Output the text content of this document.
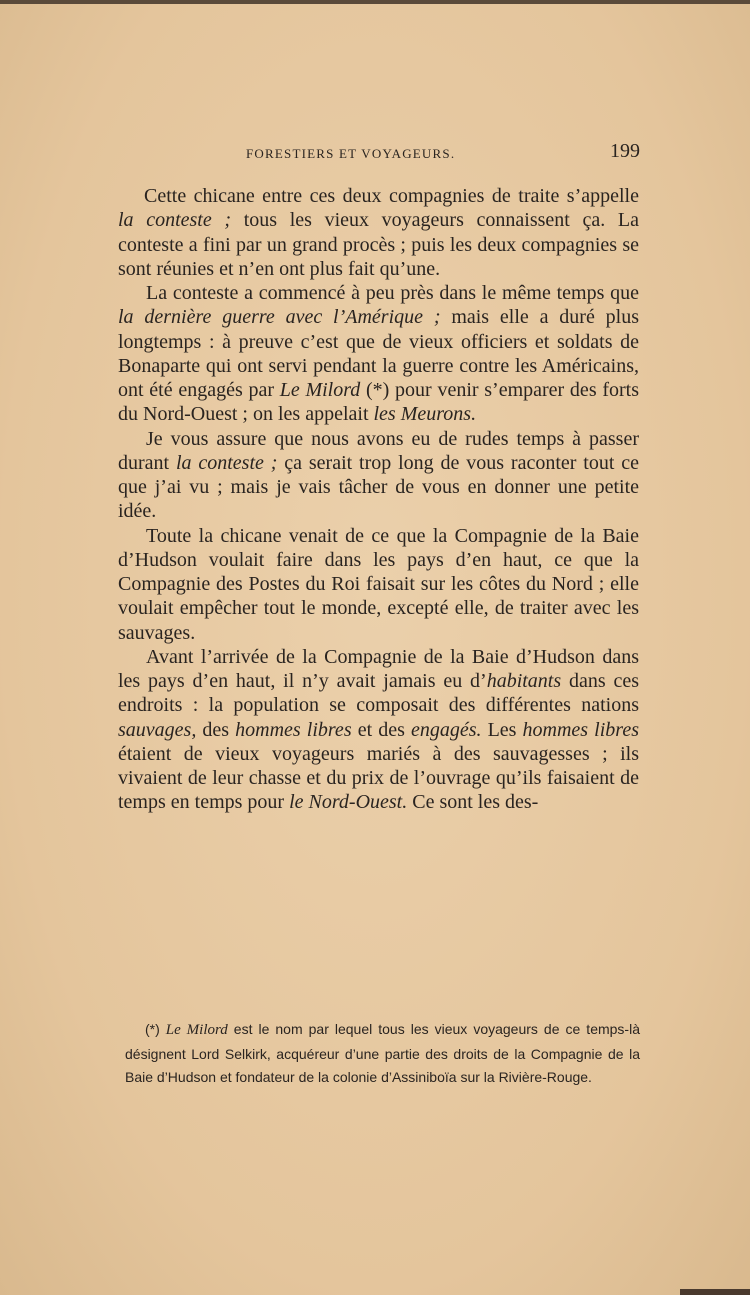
FORESTIERS ET VOYAGEURS.	199

Cette chicane entre ces deux compagnies de traite s’appelle la conteste ; tous les vieux voyageurs connaissent ça. La conteste a fini par un grand procès ; puis les deux compagnies se sont réunies et n’en ont plus fait qu’une.

La conteste a commencé à peu près dans le même temps que la dernière guerre avec l’Amérique ; mais elle a duré plus longtemps : à preuve c’est que de vieux officiers et soldats de Bonaparte qui ont servi pendant la guerre contre les Américains, ont été engagés par Le Milord (*) pour venir s’emparer des forts du Nord-Ouest ; on les appelait les Meurons.

Je vous assure que nous avons eu de rudes temps à passer durant la conteste ; ça serait trop long de vous raconter tout ce que j’ai vu ; mais je vais tâcher de vous en donner une petite idée.

Toute la chicane venait de ce que la Compagnie de la Baie d’Hudson voulait faire dans les pays d’en haut, ce que la Compagnie des Postes du Roi faisait sur les côtes du Nord ; elle voulait empêcher tout le monde, excepté elle, de traiter avec les sauvages.

Avant l’arrivée de la Compagnie de la Baie d’Hudson dans les pays d’en haut, il n’y avait jamais eu d’habitants dans ces endroits : la population se composait des différentes nations sauvages, des hommes libres et des engagés. Les hommes libres étaient de vieux voyageurs mariés à des sauvagesses ; ils vivaient de leur chasse et du prix de l’ouvrage qu’ils faisaient de temps en temps pour le Nord-Ouest. Ce sont les des-

(*) Le Milord est le nom par lequel tous les vieux voyageurs de ce temps-là désignent Lord Selkirk, acquéreur d’une partie des droits de la Compagnie de la Baie d’Hudson et fondateur de la colonie d’Assiniboïa sur la Rivière-Rouge.
